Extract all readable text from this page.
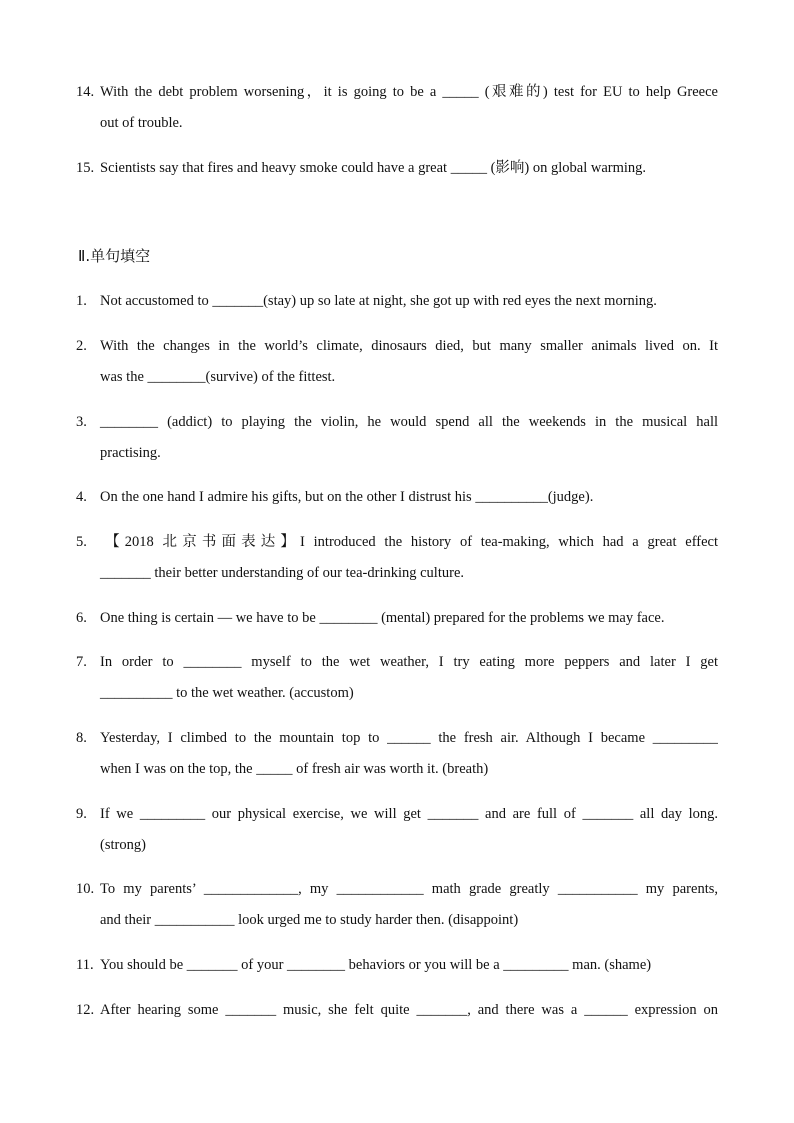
14. With the debt problem worsening，it is going to be a _____ (艰难的) test for EU to help Greece
out of trouble.
15. Scientists say that fires and heavy smoke could have a great _____ (影响) on global warming.
Ⅱ.单句填空
1. Not accustomed to _______(stay) up so late at night, she got up with red eyes the next morning.
2. With the changes in the world’s climate, dinosaurs died, but many smaller animals lived on. It
was the ________(survive) of the fittest.
3. ________ (addict) to playing the violin, he would spend all the weekends in the musical hall
practising.
4. On the one hand I admire his gifts, but on the other I distrust his __________(judge).
5. 【2018 北京书面表达】I introduced the history of tea-making, which had a great effect
_______ their better understanding of our tea-drinking culture.
6. One thing is certain — we have to be ________ (mental) prepared for the problems we may face.
7. In order to ________ myself to the wet weather, I try eating more peppers and later I get
__________ to the wet weather. (accustom)
8. Yesterday, I climbed to the mountain top to ______ the fresh air. Although I became _________
when I was on the top, the _____ of fresh air was worth it. (breath)
9. If we _________ our physical exercise, we will get _______ and are full of _______ all day long.
(strong)
10. To my parents’ _____________, my ____________ math grade greatly ___________ my parents,
and their ___________ look urged me to study harder then. (disappoint)
11. You should be _______ of your ________ behaviors or you will be a _________ man. (shame)
12. After hearing some _______ music, she felt quite _______, and there was a ______ expression on
